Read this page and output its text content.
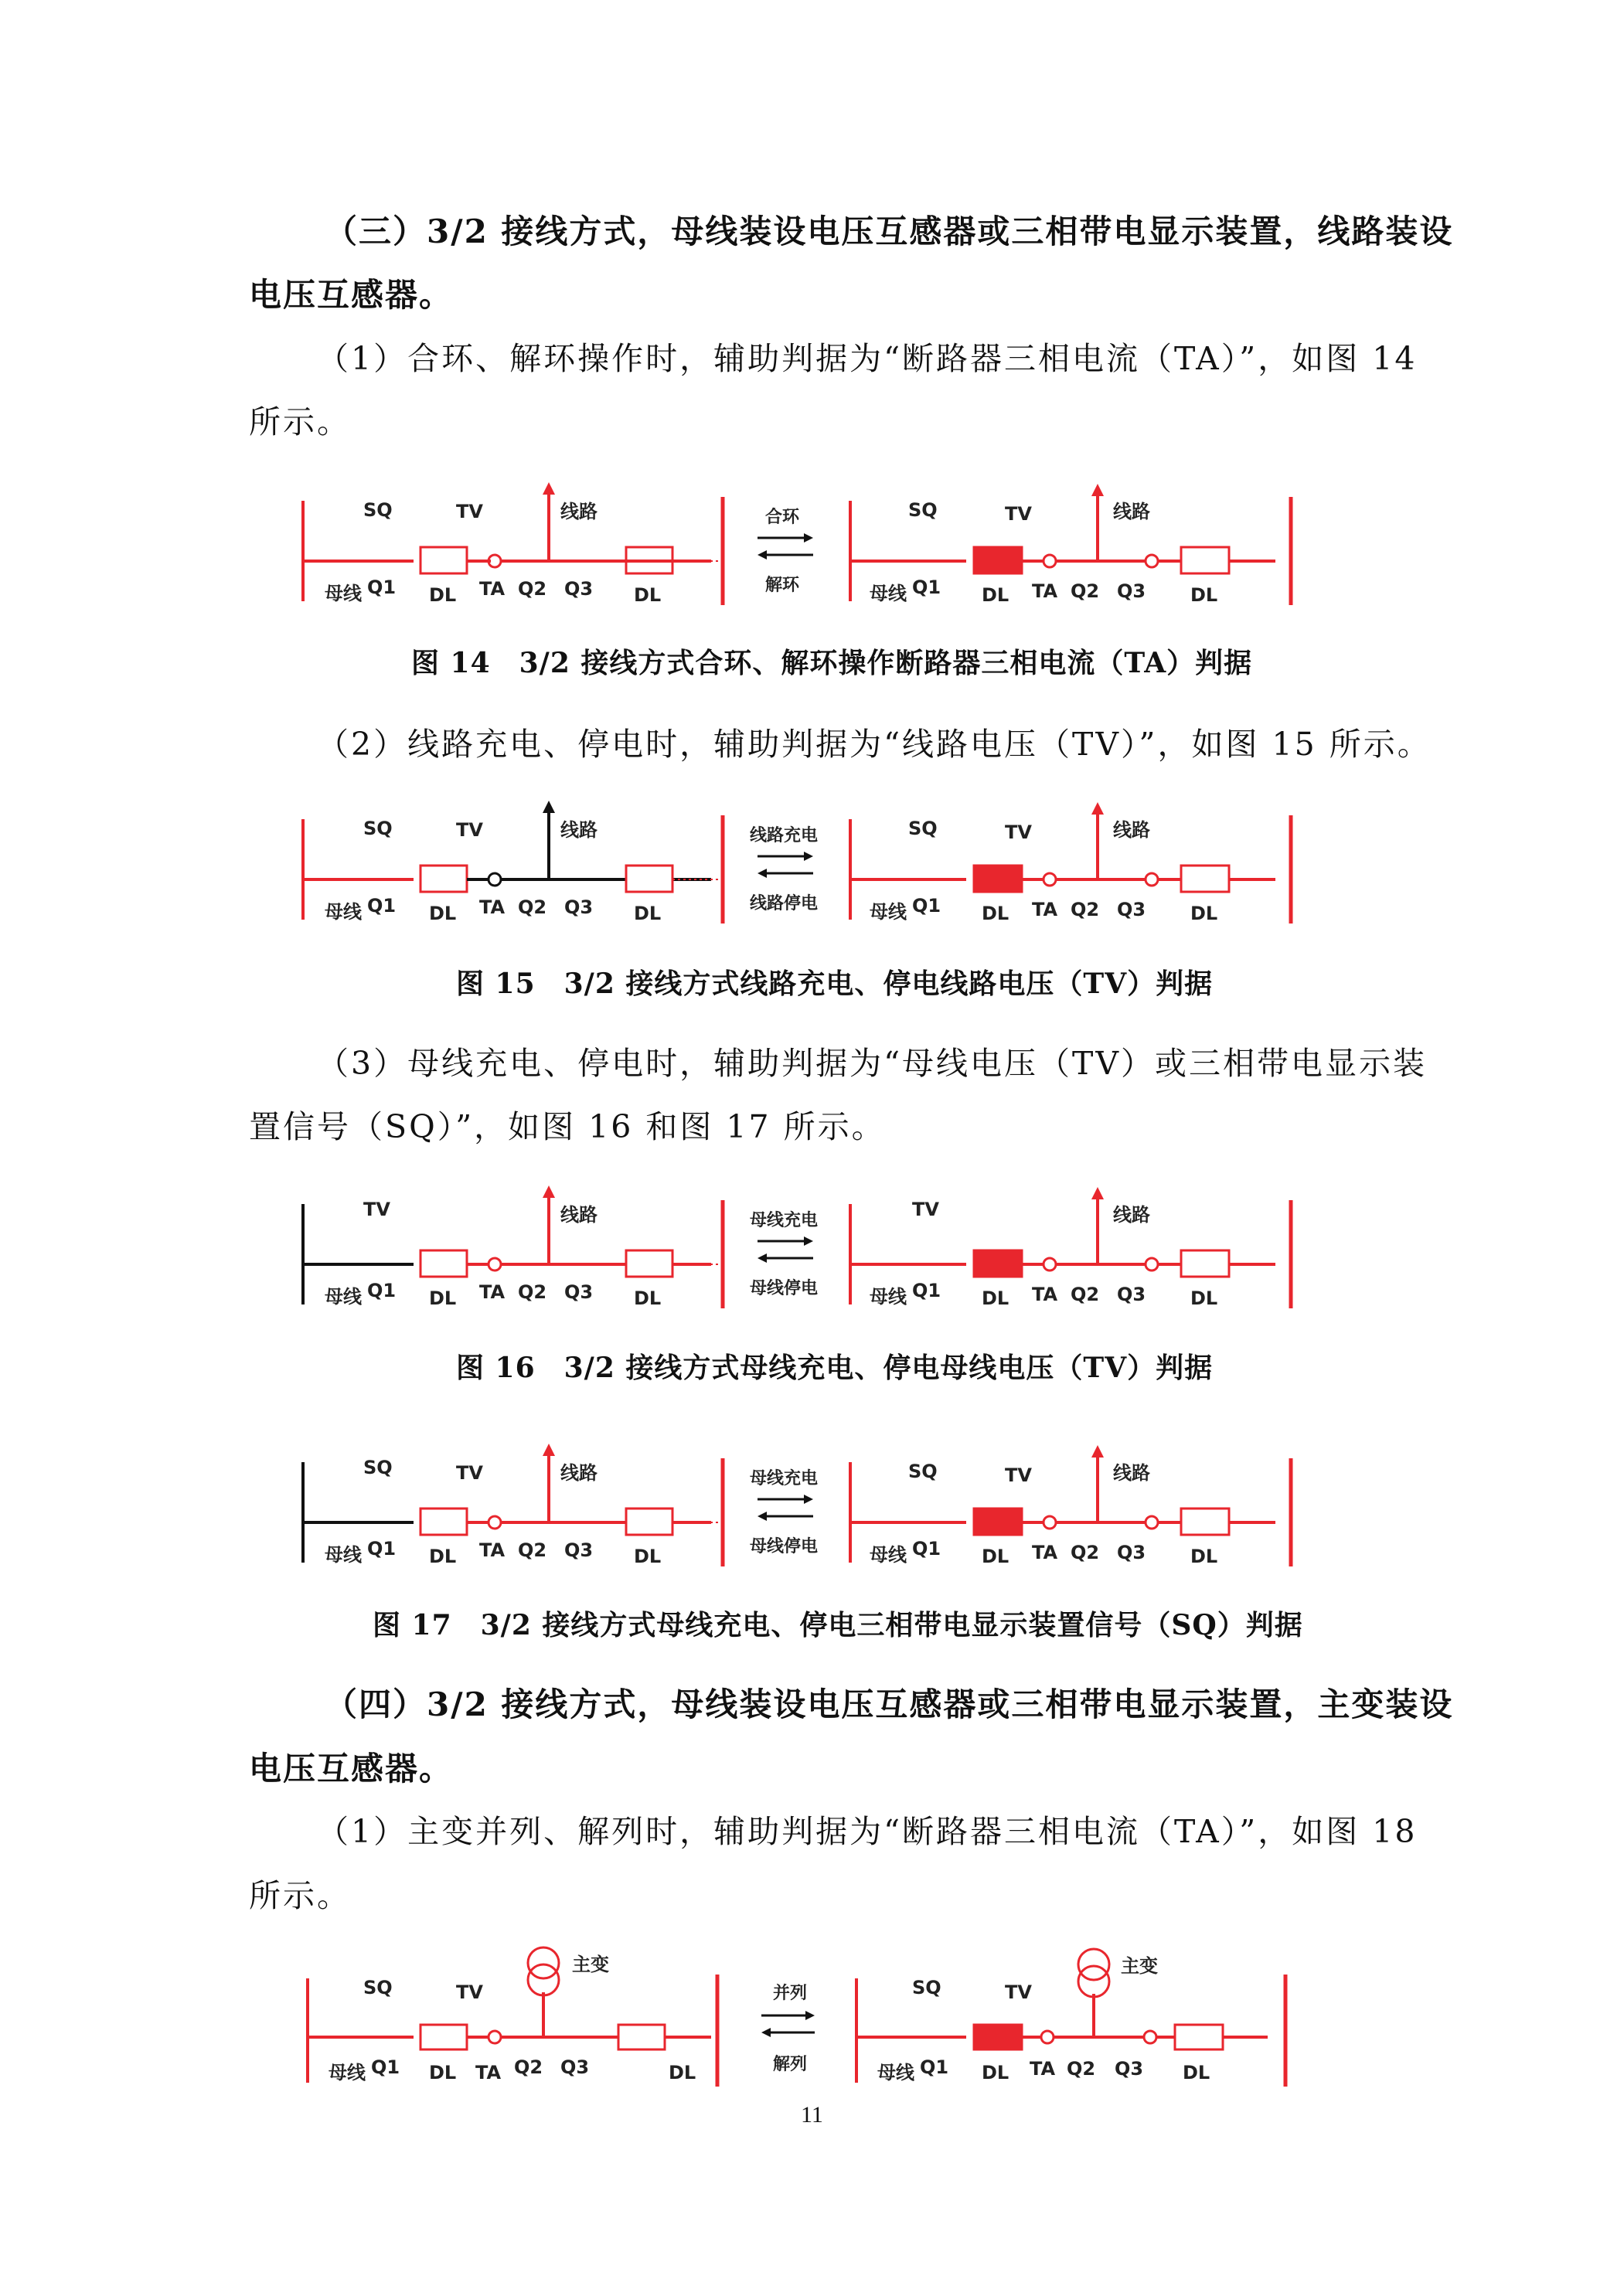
（三）3/2 接线方式，母线装设电压互感器或三相带电显示装置，线路装设
电压互感器。
（1）合环、解环操作时，辅助判据为“断路器三相电流（TA）”，如图 14
所示。
母线 Q1
SQ	TV	线路
DL TA Q2 Q3 DL
合环
解环	母线 Q1
SQ	TV	线路
DL TA Q2 Q3 DL
图 14　3/2 接线方式合环、解环操作断路器三相电流（TA）判据
（2）线路充电、停电时，辅助判据为“线路电压（TV）”，如图 15 所示。
母线 Q1
SQ	TV	线路
DL TA Q2 Q3 DL
线路充电
线路停电	母线 Q1
SQ	TV	线路
DL TA Q2 Q3 DL
图 15　3/2 接线方式线路充电、停电线路电压（TV）判据
（3）母线充电、停电时，辅助判据为“母线电压（TV）或三相带电显示装
置信号（SQ）”，如图 16 和图 17 所示。
母线 Q1
TV	线路
DL TA Q2 Q3 DL
母线充电
母线停电	母线 Q1
TV	线路
DL TA Q2 Q3 DL
图 16　3/2 接线方式母线充电、停电母线电压（TV）判据
母线 Q1
SQ	TV	线路
DL TA Q2 Q3 DL
母线充电
母线停电	母线 Q1
SQ	TV	线路
DL TA Q2 Q3 DL
图 17　3/2 接线方式母线充电、停电三相带电显示装置信号（SQ）判据
（四）3/2 接线方式，母线装设电压互感器或三相带电显示装置，主变装设
电压互感器。
（1）主变并列、解列时，辅助判据为“断路器三相电流（TA）”，如图 18
所示。
主变
母线 Q1
SQ	TV
DL TA Q2 Q3	DL
并列
解列
主变
母线 Q1
SQ	TV
DL TA Q2 Q3 DL
11
